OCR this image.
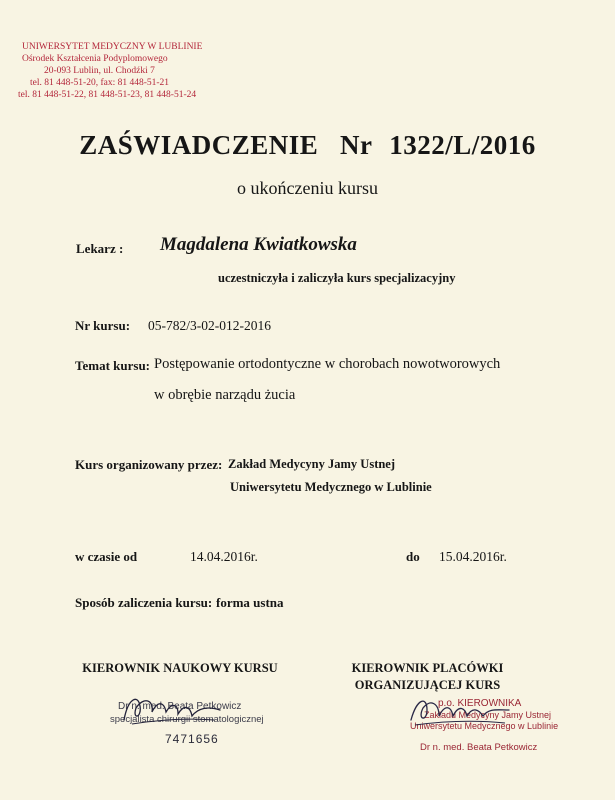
UNIWERSYTET MEDYCZNY W LUBLINIE
Ośrodek Kształcenia Podyplomowego
20-093 Lublin, ul. Chodźki 7
tel. 81 448-51-20, fax: 81 448-51-21
tel. 81 448-51-22, 81 448-51-23, 81 448-51-24
ZAŚWIADCZENIE Nr 1322/L/2016
o ukończeniu kursu
Lekarz : Magdalena Kwiatkowska
uczestniczyła i zaliczyła kurs specjalizacyjny
Nr kursu: 05-782/3-02-012-2016
Temat kursu: Postępowanie ortodontyczne w chorobach nowotworowych
w obrębie narządu żucia
Kurs organizowany przez: Zakład Medycyny Jamy Ustnej
Uniwersytetu Medycznego w Lublinie
w czasie od	14.04.2016r.	do 15.04.2016r.
Sposób zaliczenia kursu: forma ustna
KIEROWNIK NAUKOWY KURSU
Dr n. med. Beata Petkowicz
specjalista chirurgii stomatologicznej
7471656
KIEROWNIK PLACÓWKI
ORGANIZUJĄCEJ KURS
p.o. KIEROWNIKA
Zakładu Medycyny Jamy Ustnej
Uniwersytetu Medycznego w Lublinie
Dr n. med. Beata Petkowicz
